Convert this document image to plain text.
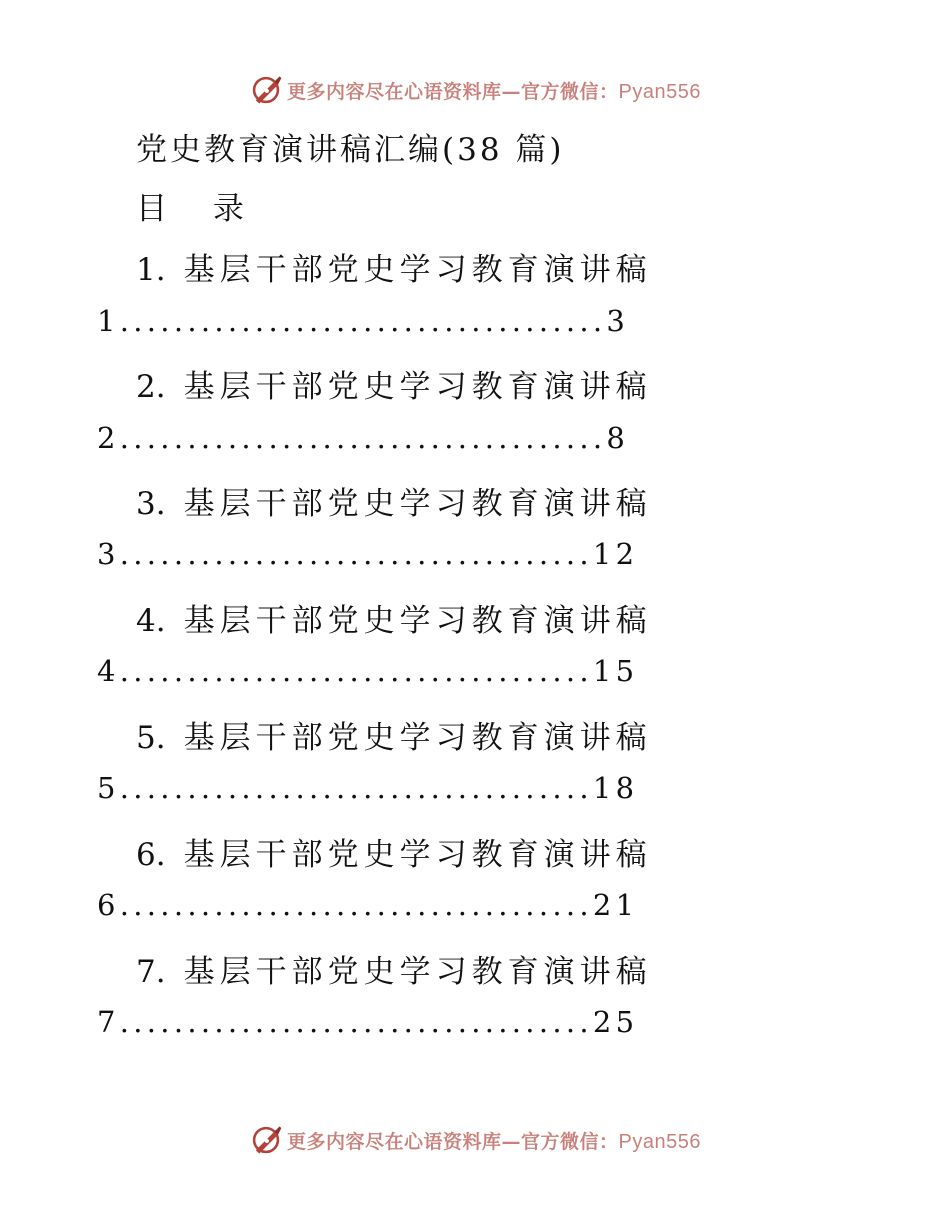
更多内容尽在心语资料库—官方微信：Pyan556
党史教育演讲稿汇编(38 篇)
目 录
1. 基层干部党史学习教育演讲稿
1....................................3
2. 基层干部党史学习教育演讲稿
2....................................8
3. 基层干部党史学习教育演讲稿
3...................................12
4. 基层干部党史学习教育演讲稿
4...................................15
5. 基层干部党史学习教育演讲稿
5...................................18
6. 基层干部党史学习教育演讲稿
6...................................21
7. 基层干部党史学习教育演讲稿
7...................................25
更多内容尽在心语资料库—官方微信：Pyan556
